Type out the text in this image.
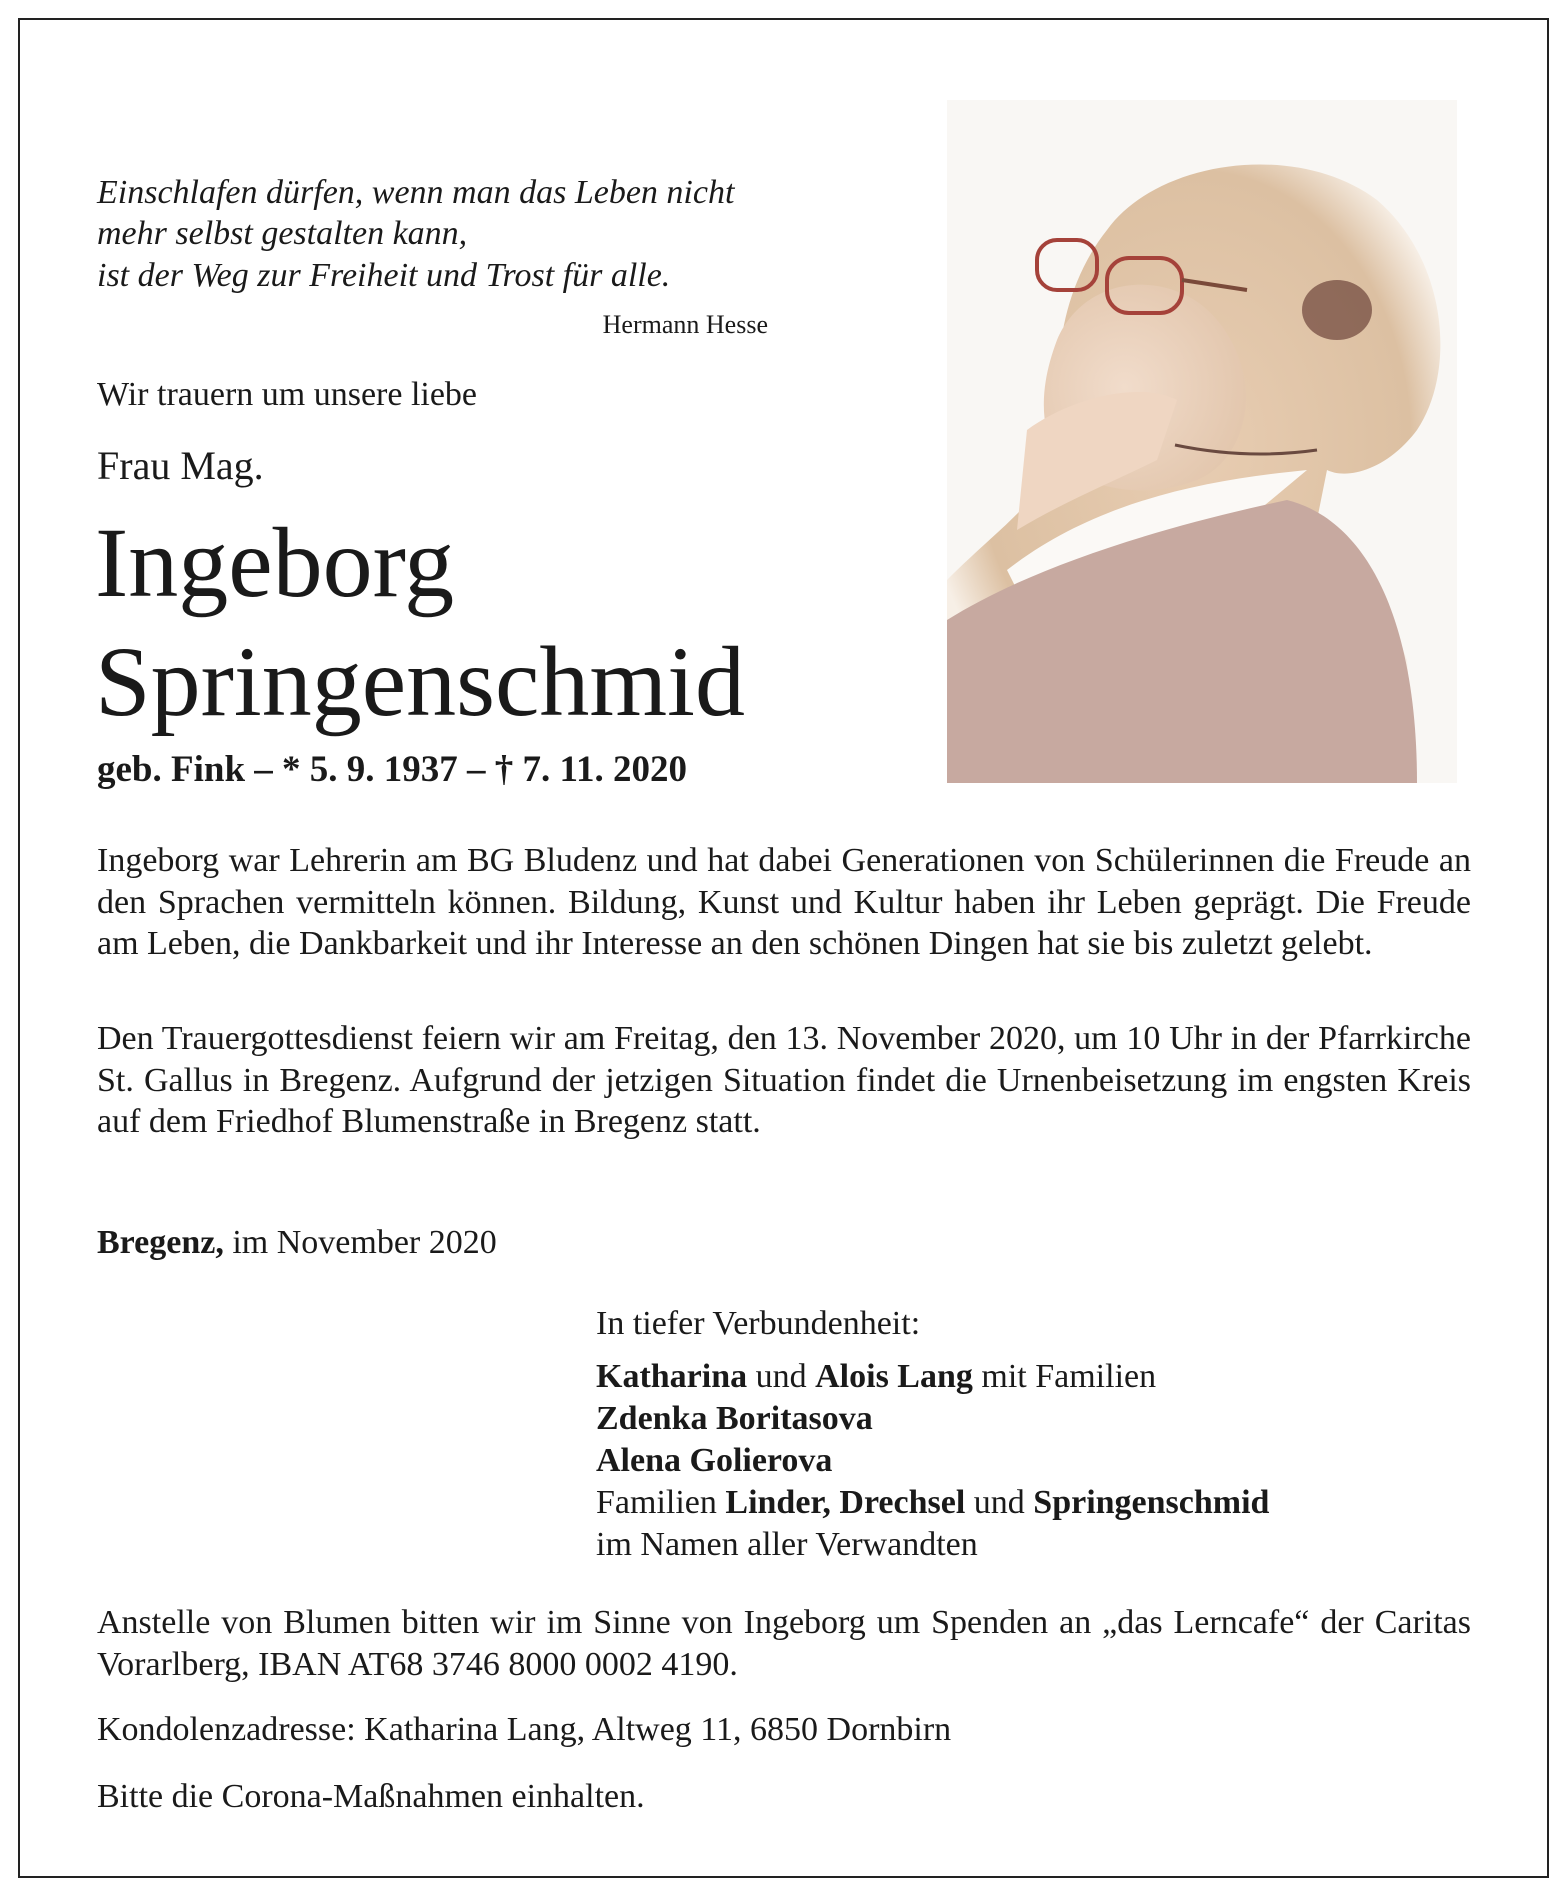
Einschlafen dürfen, wenn man das Leben nicht
mehr selbst gestalten kann,
ist der Weg zur Freiheit und Trost für alle.
Hermann Hesse
Wir trauern um unsere liebe
Frau Mag.
Ingeborg
Springenschmid
geb. Fink – * 5. 9. 1937 – † 7. 11. 2020
Ingeborg war Lehrerin am BG Bludenz und hat dabei Generationen von Schülerinnen die Freude an den Sprachen vermitteln können. Bildung, Kunst und Kultur haben ihr Leben geprägt. Die Freude am Leben, die Dankbarkeit und ihr Interesse an den schönen Dingen hat sie bis zuletzt gelebt.
Den Trauergottesdienst feiern wir am Freitag, den 13. November 2020, um 10 Uhr in der Pfarrkirche St. Gallus in Bregenz. Aufgrund der jetzigen Situation findet die Urnenbeisetzung im engsten Kreis auf dem Friedhof Blumenstraße in Bregenz statt.
Bregenz, im November 2020
In tiefer Verbundenheit:
Katharina und Alois Lang mit Familien
Zdenka Boritasova
Alena Golierova
Familien Linder, Drechsel und Springenschmid
im Namen aller Verwandten
Anstelle von Blumen bitten wir im Sinne von Ingeborg um Spenden an „das Lerncafe“ der Caritas Vorarlberg, IBAN AT68 3746 8000 0002 4190.
Kondolenzadresse: Katharina Lang, Altweg 11, 6850 Dornbirn
Bitte die Corona-Maßnahmen einhalten.
